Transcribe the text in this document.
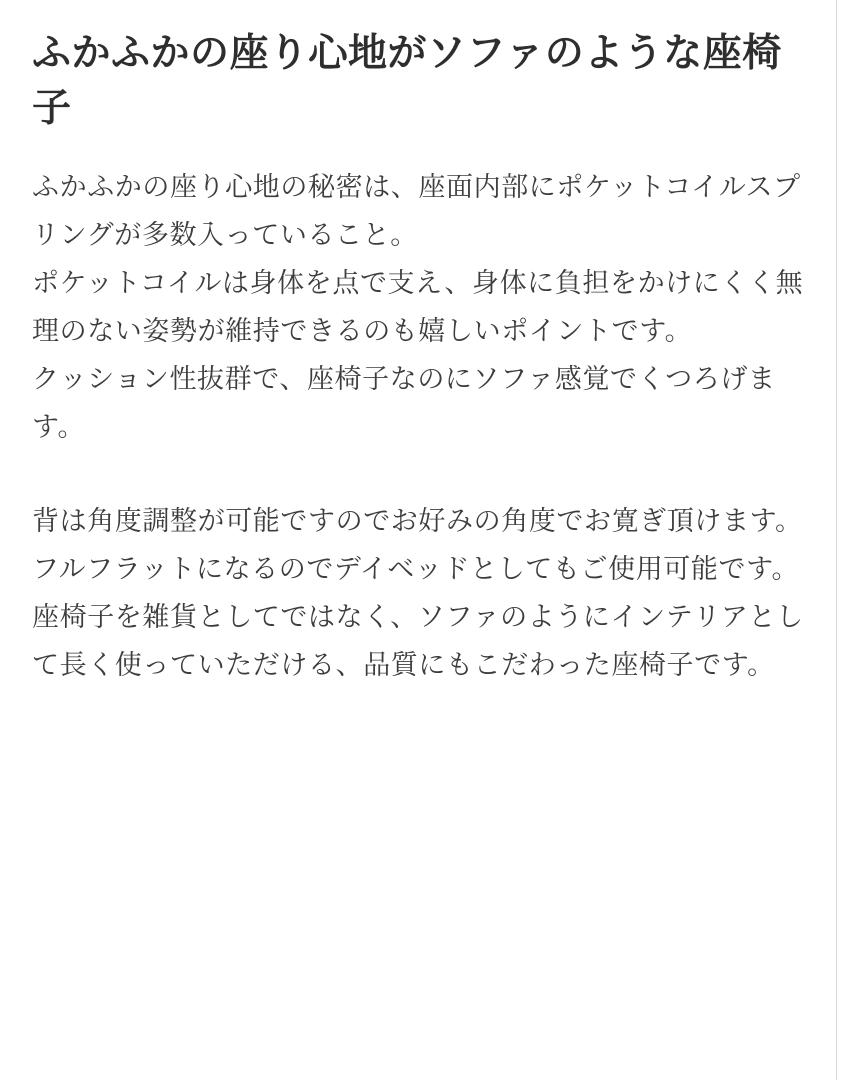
ふかふかの座り心地がソファのような座椅子

ふかふかの座り心地の秘密は、座面内部にポケットコイルスプリングが多数入っていること。

ポケットコイルは身体を点で支え、身体に負担をかけにくく無理のない姿勢が維持できるのも嬉しいポイントです。

クッション性抜群で、座椅子なのにソファ感覚でくつろげます。

背は角度調整が可能ですのでお好みの角度でお寛ぎ頂けます。

フルフラットになるのでデイベッドとしてもご使用可能です。

座椅子を雑貨としてではなく、ソファのようにインテリアとして長く使っていただける、品質にもこだわった座椅子です。
